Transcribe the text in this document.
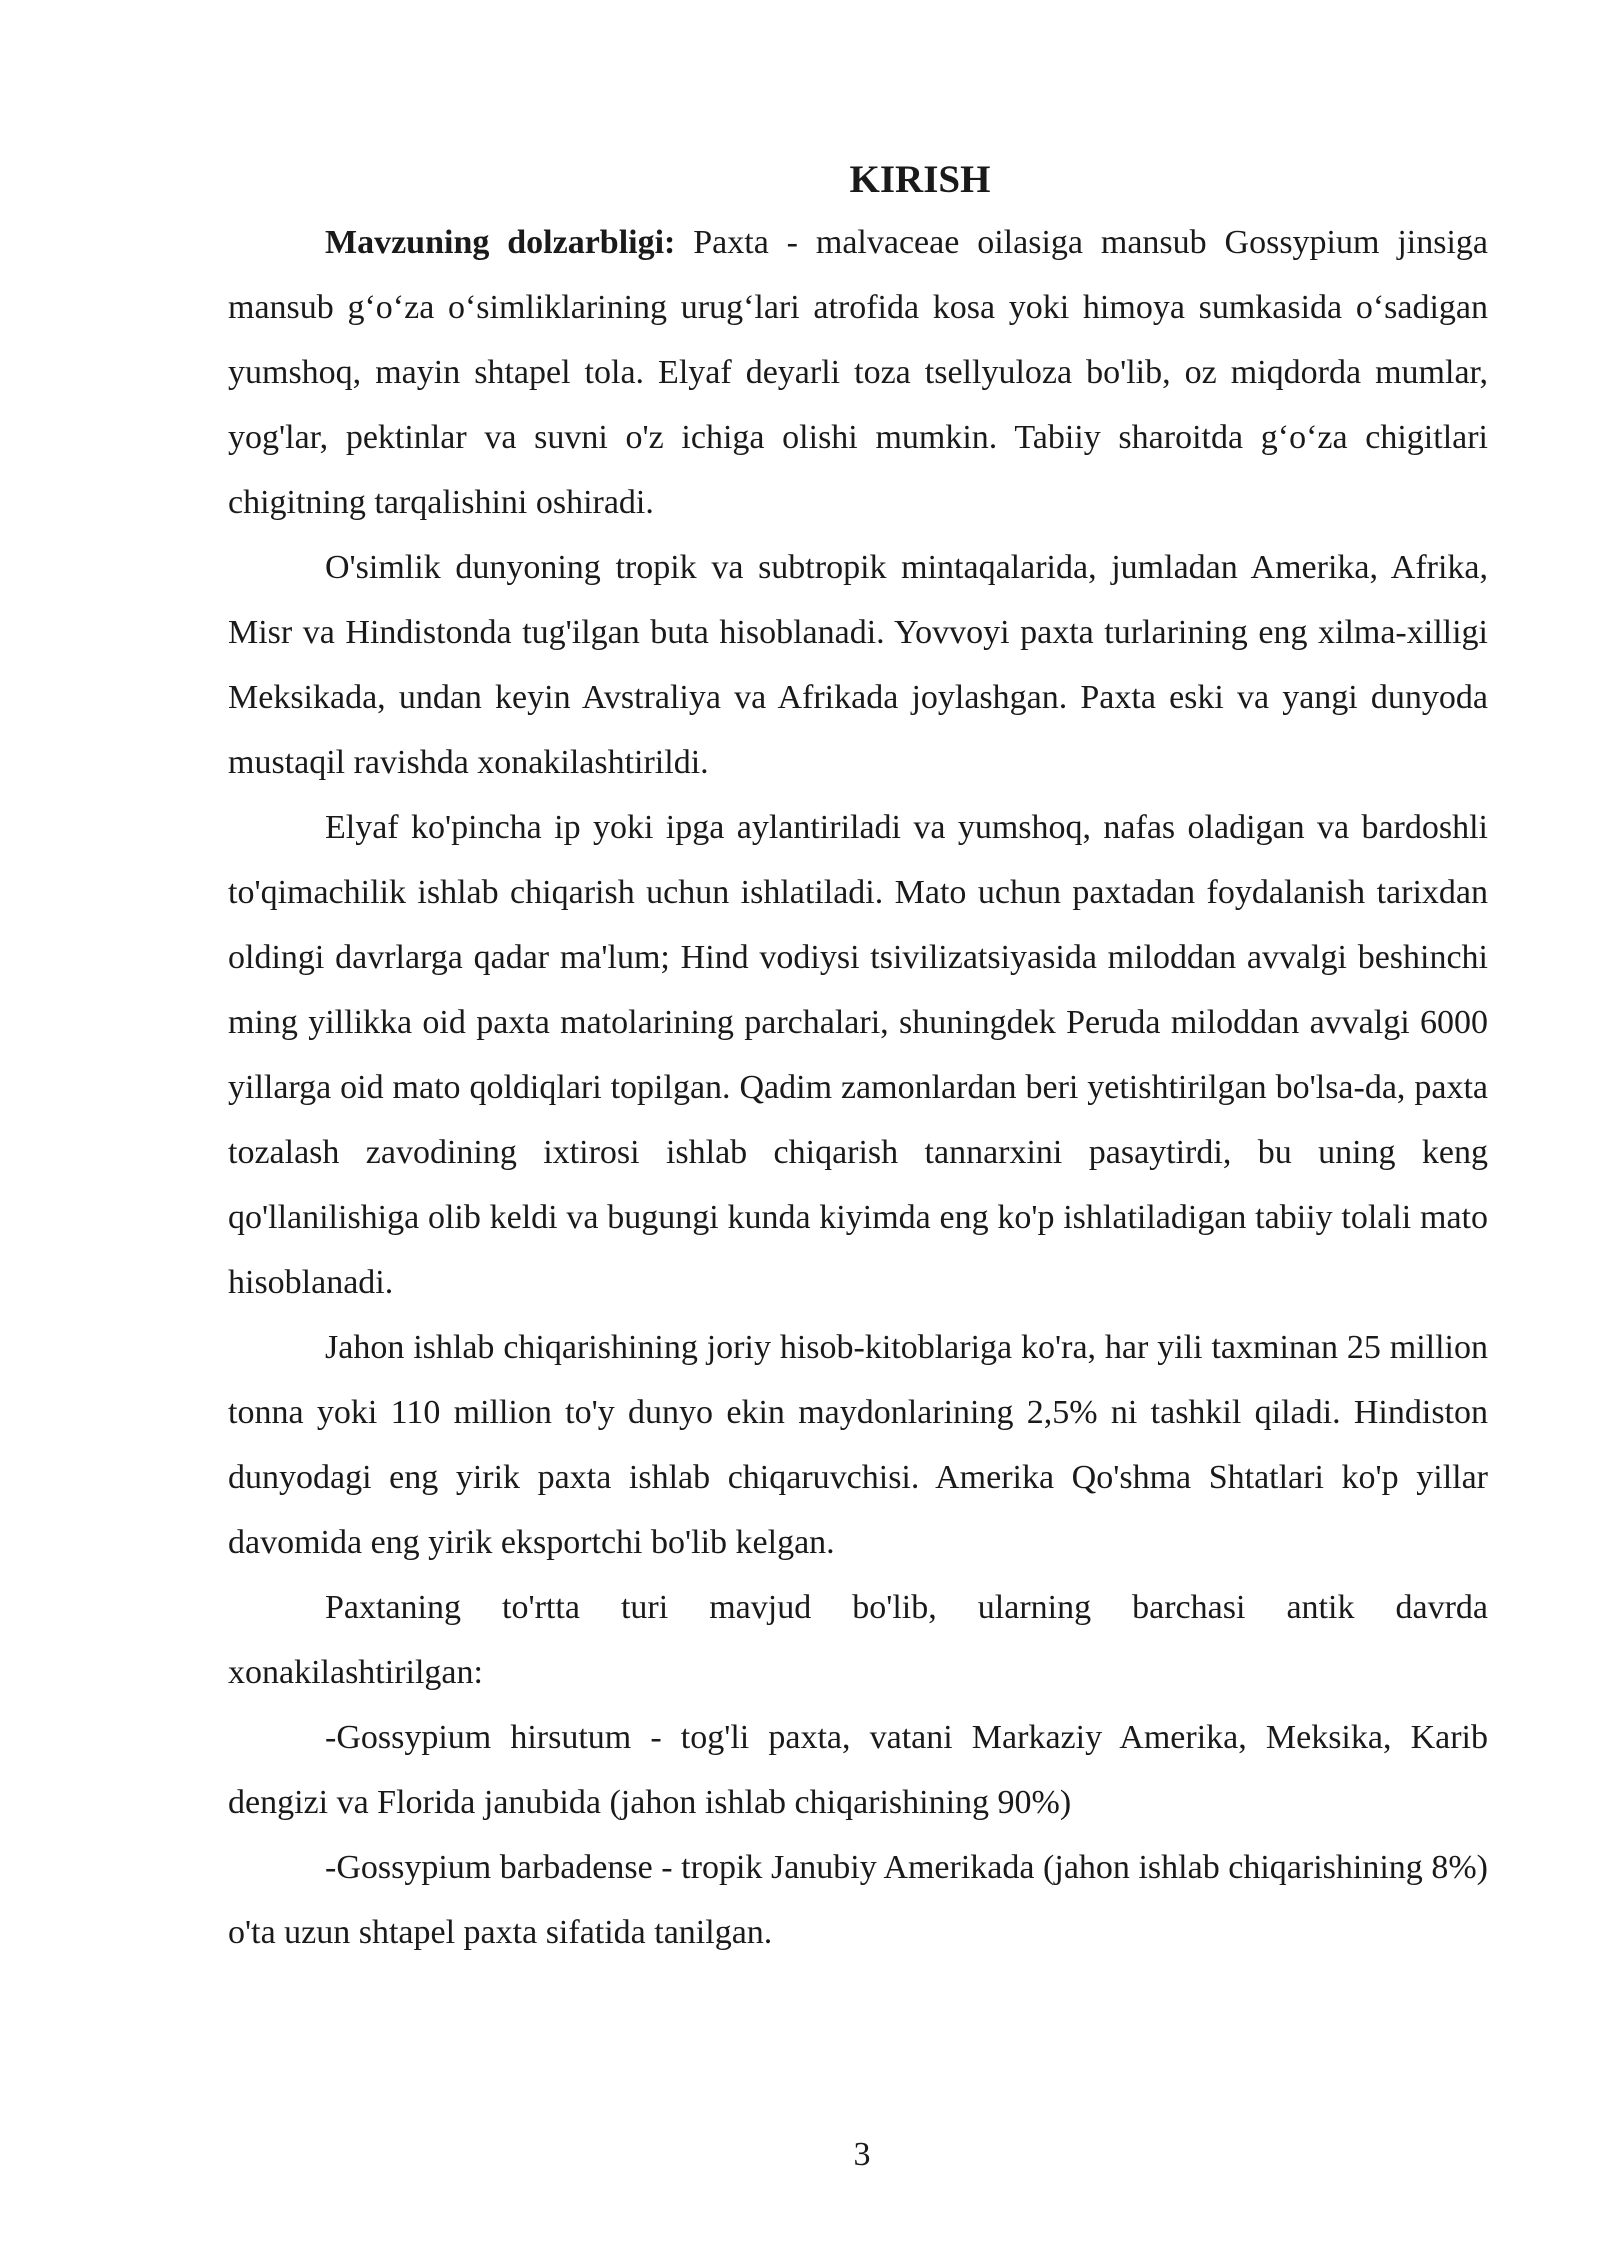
KIRISH

Mavzuning dolzarbligi: Paxta - malvaceae oilasiga mansub Gossypium jinsiga mansub g‘o‘za o‘simliklarining urug‘lari atrofida kosa yoki himoya sumkasida o‘sadigan yumshoq, mayin shtapel tola. Elyaf deyarli toza tsellyuloza bo'lib, oz miqdorda mumlar, yog'lar, pektinlar va suvni o'z ichiga olishi mumkin. Tabiiy sharoitda g‘o‘za chigitlari chigitning tarqalishini oshiradi.

O'simlik dunyoning tropik va subtropik mintaqalarida, jumladan Amerika, Afrika, Misr va Hindistonda tug'ilgan buta hisoblanadi. Yovvoyi paxta turlarining eng xilma-xilligi Meksikada, undan keyin Avstraliya va Afrikada joylashgan. Paxta eski va yangi dunyoda mustaqil ravishda xonakilashtirildi.

Elyaf ko'pincha ip yoki ipga aylantiriladi va yumshoq, nafas oladigan va bardoshli to'qimachilik ishlab chiqarish uchun ishlatiladi. Mato uchun paxtadan foydalanish tarixdan oldingi davrlarga qadar ma'lum; Hind vodiysi tsivilizatsiyasida miloddan avvalgi beshinchi ming yillikka oid paxta matolarining parchalari, shuningdek Peruda miloddan avvalgi 6000 yillarga oid mato qoldiqlari topilgan. Qadim zamonlardan beri yetishtirilgan bo'lsa-da, paxta tozalash zavodining ixtirosi ishlab chiqarish tannarxini pasaytirdi, bu uning keng qo'llanilishiga olib keldi va bugungi kunda kiyimda eng ko'p ishlatiladigan tabiiy tolali mato hisoblanadi.

Jahon ishlab chiqarishining joriy hisob-kitoblariga ko'ra, har yili taxminan 25 million tonna yoki 110 million to'y dunyo ekin maydonlarining 2,5% ni tashkil qiladi. Hindiston dunyodagi eng yirik paxta ishlab chiqaruvchisi. Amerika Qo'shma Shtatlari ko'p yillar davomida eng yirik eksportchi bo'lib kelgan.

Paxtaning to'rtta turi mavjud bo'lib, ularning barchasi antik davrda xonakilashtirilgan:

-Gossypium hirsutum - tog'li paxta, vatani Markaziy Amerika, Meksika, Karib dengizi va Florida janubida (jahon ishlab chiqarishining 90%)

-Gossypium barbadense - tropik Janubiy Amerikada (jahon ishlab chiqarishining 8%) o'ta uzun shtapel paxta sifatida tanilgan.

3
